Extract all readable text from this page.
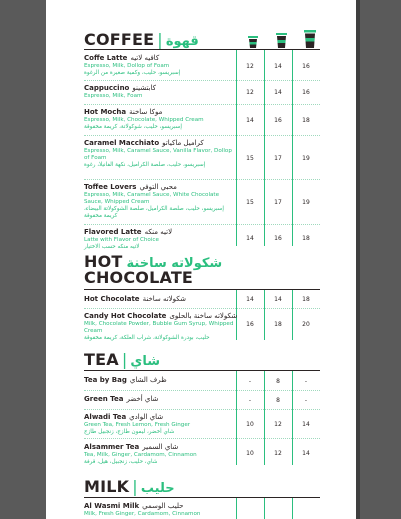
COFFEE | قهوة
Coffe Latte كافيه لاتيه
Espresso, Milk, Dollop of Foam
إسبريسو، حليب، وكمية صغيرة من الرغوة
12	14	16
Cappuccino كابتشينو
Espresso, Milk, Foam	12	14	16
Hot Mocha موكا ساخنة
Espresso, Milk, Chocolate, Whipped Cream
إسبريسو، حليب، شوكولاتة، كريمة مخفوقة
14	16	18
Caramel Macchiato كراميل ماكياتو
Espresso, Milk, Caramel Sauce, Vanilla Flavor, Dollop of Foam
إسبريسو، حليب، صلصة الكراميل، نكهة الفانيلا، رغوة
15	17	19
Toffee Lovers محبي التوفي
Espresso, Milk, Caramel Sauce, White Chocolate Sauce, Whipped Cream
إسبريسو، حليب، صلصة الكراميل، صلصة الشوكولاتة البيضاء، كريمة مخفوقة
15	17	19
Flavored Latte لاتيه منكه
Latte with Flavor of Choice
لاتيه منكه حسب الاختيار
14	16	18
HOT شكولاته ساخنة
CHOCOLATE
Hot Chocolate شكولاته ساخنة	14	14	18
Candy Hot Chocolate شكولاته ساخنة بالحلوى
Milk, Chocolate Powder, Bubble Gum Syrup, Whipped Cream
حليب، بودرة الشوكولاتة، شراب العلكة، كريمة مخفوقة
16	18	20
TEA | شاي
Tea by Bag ظرف الشاي	-	8	-
Green Tea شاي أخضر	-	8	-
Alwadi Tea شاي الوادي
Green Tea, Fresh Lemon, Fresh Ginger
شاي أخضر، ليمون طازج، زنجبيل طازج
10	12	14
Alsammer Tea شاي السمير
Tea, Milk, Ginger, Cardamom, Cinnamon
شاي، حليب، زنجبيل، هيل، قرفة
10	12	14
MILK | حليب
Al Wasmi Milk حليب الوسمي
Milk, Fresh Ginger, Cardamom, Cinnamon
